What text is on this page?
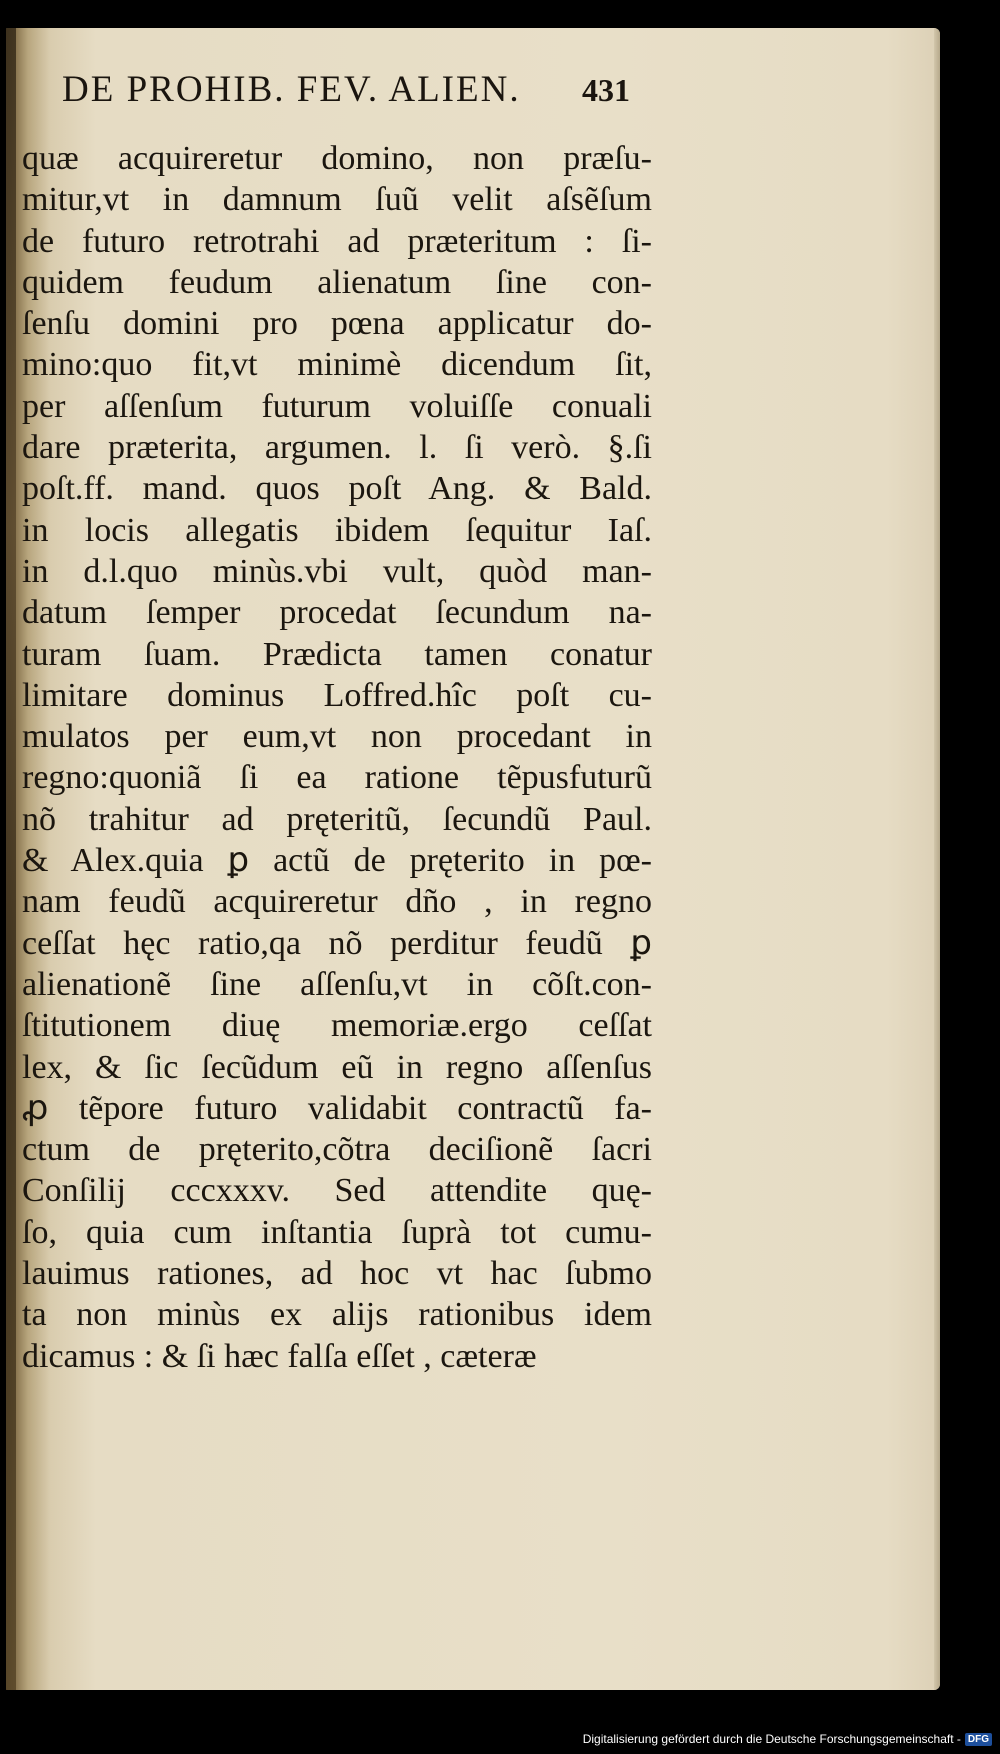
DE PROHIB. FEV. ALIEN. 431
quæ acquireretur domino, non præſu-
mitur,vt in damnum ſuũ velit aſsẽſum
de futuro retrotrahi ad præteritum : ſi-
quidem feudum alienatum ſine con-
ſenſu domini pro pœna applicatur do-
mino:quo fit,vt minimè dicendum ſit,
per aſſenſum futurum voluiſſe conuali
dare præterita, argumen. l. ſi verò. §.ſi
poſt.ff. mand. quos poſt Ang. & Bald.
in locis allegatis ibidem ſequitur Iaſ.
in d.l.quo minùs.vbi vult, quòd man-
datum ſemper procedat ſecundum na-
turam ſuam. Prædicta tamen conatur
limitare dominus Loffred.hîc poſt cu-
mulatos per eum,vt non procedant in
regno:quoniã ſi ea ratione tẽpusfuturũ
nõ trahitur ad pręteritũ, ſecundũ Paul.
& Alex.quia ꝑ actũ de pręterito in pœ-
nam feudũ acquireretur dño , in regno
ceſſat hęc ratio,qa nõ perditur feudũ ꝑ
alienationẽ ſine aſſenſu,vt in cõſt.con-
ſtitutionem diuę memoriæ.ergo ceſſat
lex, & ſic ſecũdum eũ in regno aſſenſus
ꝓ tẽpore futuro validabit contractũ fa-
ctum de pręterito,cõtra deciſionẽ ſacri
Conſilij cccxxxv. Sed attendite quę-
ſo, quia cum inſtantia ſuprà tot cumu-
lauimus rationes, ad hoc vt hac ſubmo
ta non minùs ex alijs rationibus idem
dicamus : & ſi hæc falſa eſſet , cæteræ
Digitalisierung gefördert durch die Deutsche Forschungsgemeinschaft - DFG
